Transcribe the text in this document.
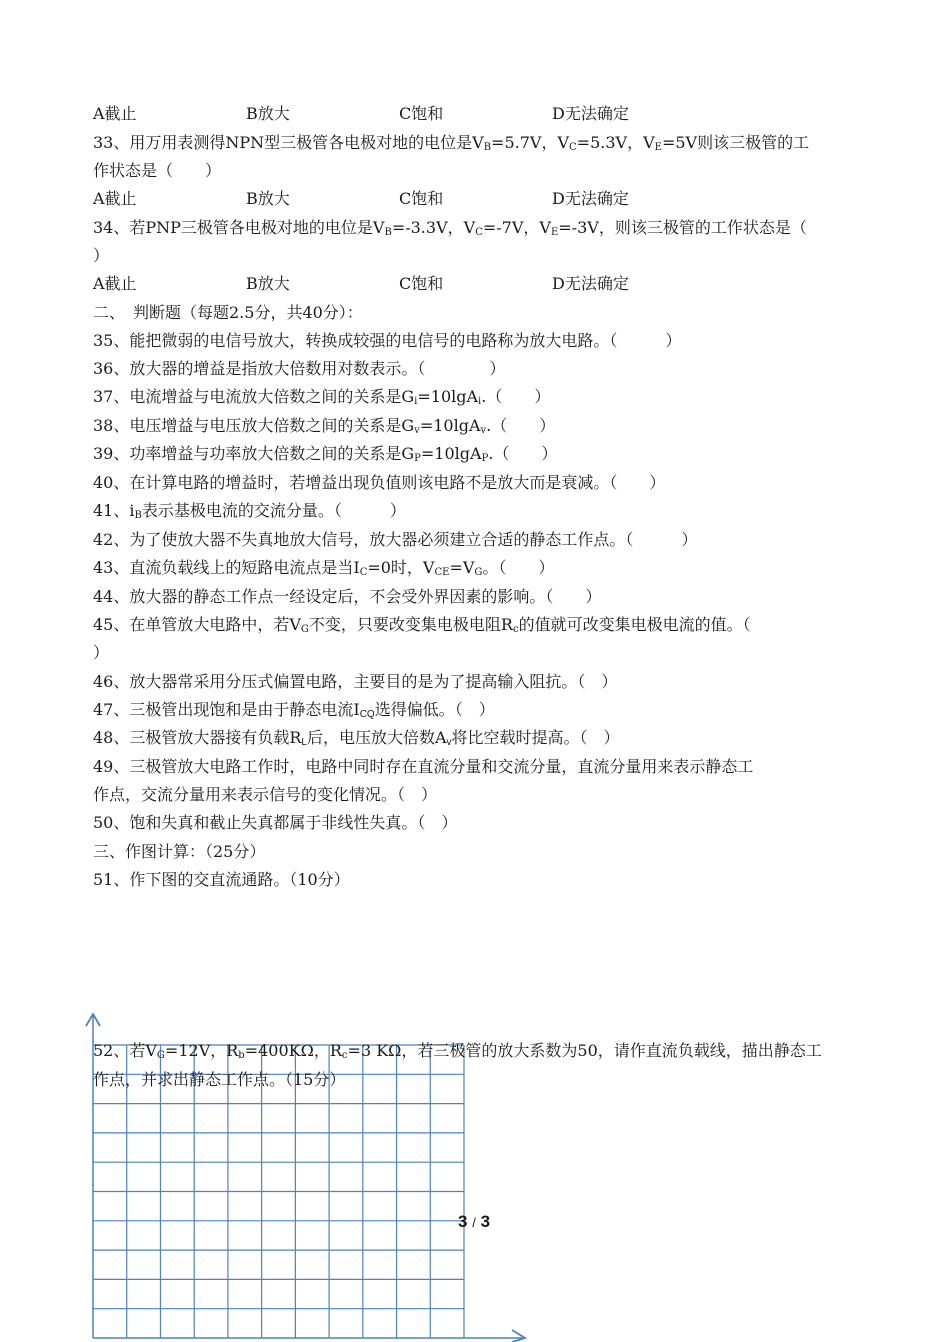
A截止	B放大	C饱和	D无法确定
33、用万用表测得NPN型三极管各电极对地的电位是$V_B=5.7V$，$V_C=5.3V$，$V_E=5V$则该三极管的工
作状态是（　　）
A截止	B放大	C饱和	D无法确定
34、若PNP三极管各电极对地的电位是$V_B=-3.3V$，$V_C=-7V$，$V_E=-3V$，则该三极管的工作状态是（
）
A截止	B放大	C饱和	D无法确定
二、　判断题（每题2.5分，共40分）：
35、能把微弱的电信号放大，转换成较强的电信号的电路称为放大电路。（　　　）
36、放大器的增益是指放大倍数用对数表示。（　　　　）
37、电流增益与电流放大倍数之间的关系是$G_i=10\lg A_i$.（　　）
38、电压增益与电压放大倍数之间的关系是$G_v=10\lg A_v$.（　　）
39、功率增益与功率放大倍数之间的关系是$G_P=10\lg A_P$.（　　）
40、在计算电路的增益时，若增益出现负值则该电路不是放大而是衰减。（　　）
41、$i_B$表示基极电流的交流分量。（　　　）
42、为了使放大器不失真地放大信号，放大器必须建立合适的静态工作点。（　　　）
43、直流负载线上的短路电流点是当$I_C=0$时，$V_{CE}=V_G$。（　　）
44、放大器的静态工作点一经设定后，不会受外界因素的影响。（　　）
45、在单管放大电路中，若$V_G$不变，只要改变集电极电阻$R_c$的值就可改变集电极电流的值。（
）
46、放大器常采用分压式偏置电路，主要目的是为了提高输入阻抗。（　）
47、三极管出现饱和是由于静态电流$I_{CQ}$选得偏低。（　）
48、三极管放大器接有负载$R_L$后，电压放大倍数$A_v$将比空载时提高。（　）
49、三极管放大电路工作时，电路中同时存在直流分量和交流分量，直流分量用来表示静态工
作点，交流分量用来表示信号的变化情况。（　）
50、饱和失真和截止失真都属于非线性失真。（　）
三、作图计算：（25分）
51、作下图的交直流通路。（10分）
52、若$V_G=12V$，$R_b=400K\Omega$，$R_c=3$ KΩ，若三极管的放大系数为50，请作直流负载线，描出静态工
作点，并求出静态工作点。（15分）
3 / 3
